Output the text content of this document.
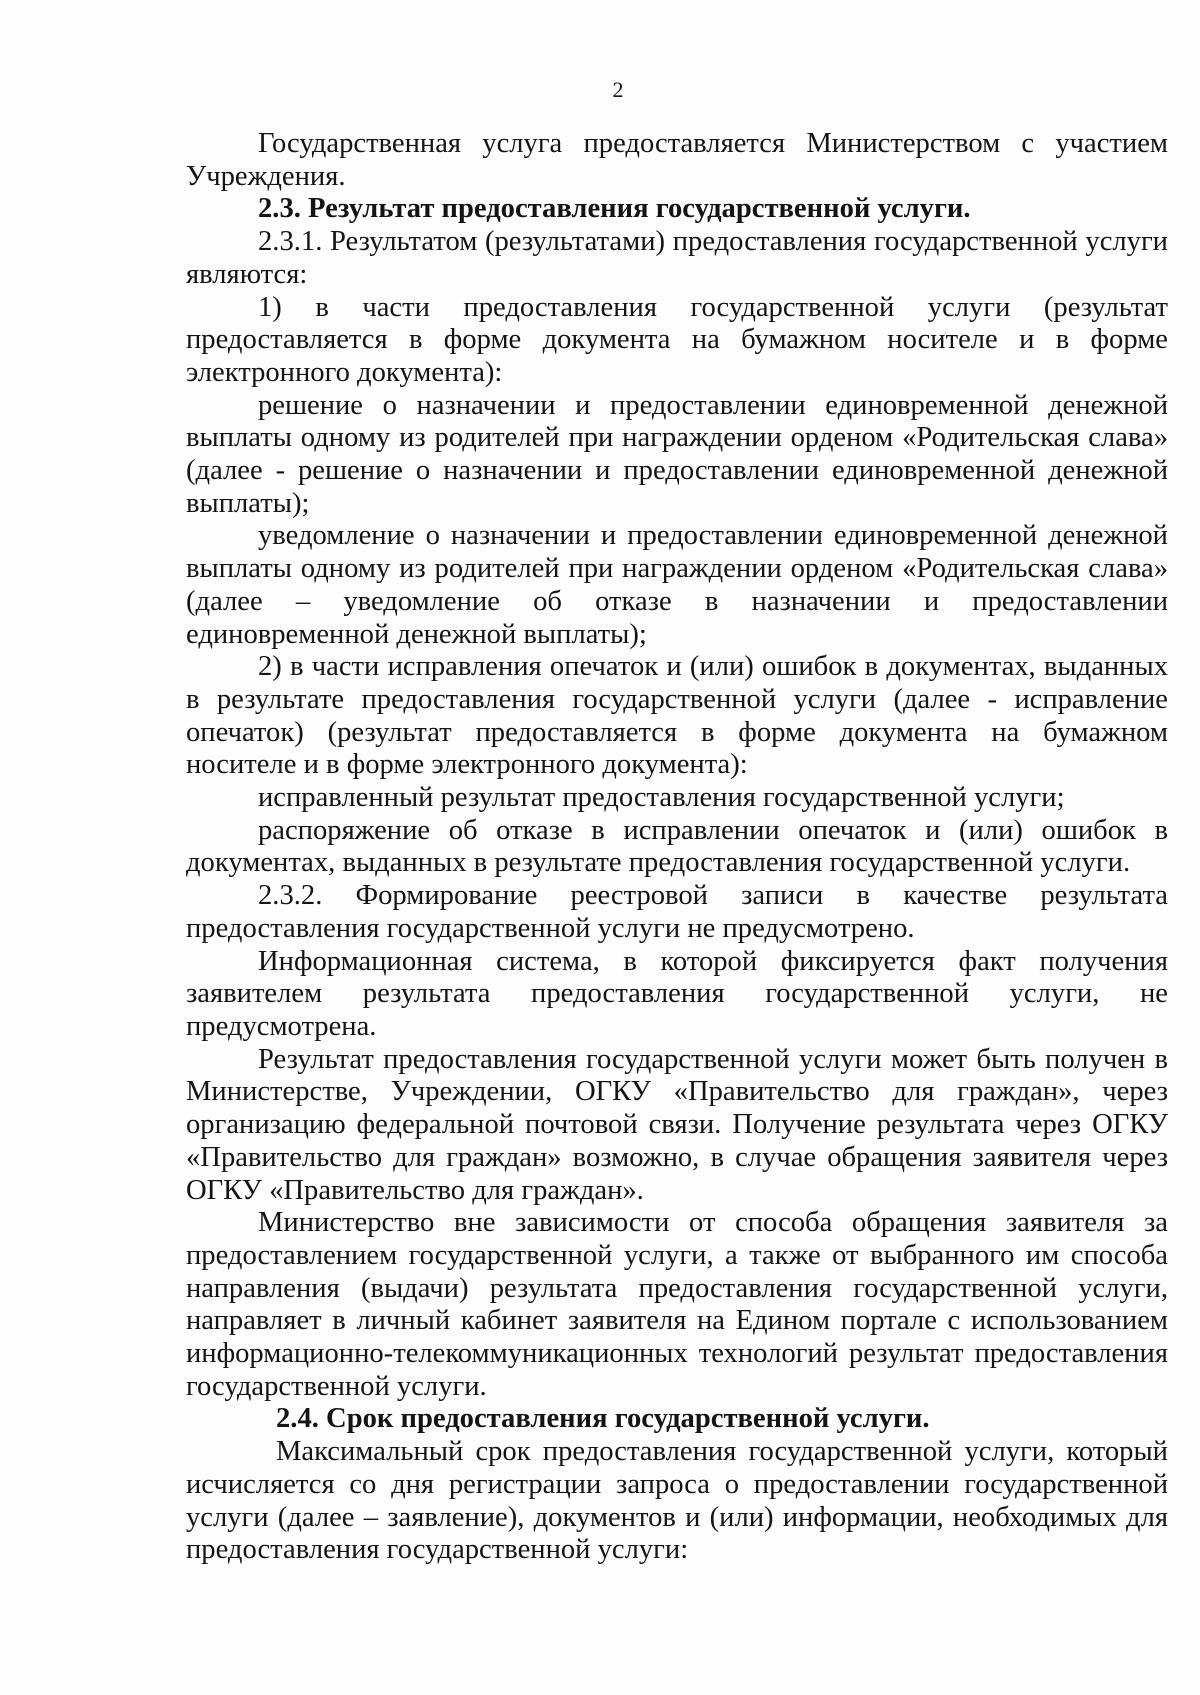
2

Государственная услуга предоставляется Министерством с участием Учреждения.

2.3. Результат предоставления государственной услуги.

2.3.1. Результатом (результатами) предоставления государственной услуги являются:

1) в части предоставления государственной услуги (результат предоставляется в форме документа на бумажном носителе и в форме электронного документа):

решение о назначении и предоставлении единовременной денежной выплаты одному из родителей при награждении орденом «Родительская слава» (далее - решение о назначении и предоставлении единовременной денежной выплаты);

уведомление о назначении и предоставлении единовременной денежной выплаты одному из родителей при награждении орденом «Родительская слава» (далее – уведомление об отказе в назначении и предоставлении единовременной денежной выплаты);

2) в части исправления опечаток и (или) ошибок в документах, выданных в результате предоставления государственной услуги (далее - исправление опечаток) (результат предоставляется в форме документа на бумажном носителе и в форме электронного документа):

исправленный результат предоставления государственной услуги;

распоряжение об отказе в исправлении опечаток и (или) ошибок в документах, выданных в результате предоставления государственной услуги.

2.3.2. Формирование реестровой записи в качестве результата предоставления государственной услуги не предусмотрено.

Информационная система, в которой фиксируется факт получения заявителем результата предоставления государственной услуги, не предусмотрена.

Результат предоставления государственной услуги может быть получен в Министерстве, Учреждении, ОГКУ «Правительство для граждан», через организацию федеральной почтовой связи. Получение результата через ОГКУ «Правительство для граждан» возможно, в случае обращения заявителя через ОГКУ «Правительство для граждан».

Министерство вне зависимости от способа обращения заявителя за предоставлением государственной услуги, а также от выбранного им способа направления (выдачи) результата предоставления государственной услуги, направляет в личный кабинет заявителя на Едином портале с использованием информационно-телекоммуникационных технологий результат предоставления государственной услуги.

2.4. Срок предоставления государственной услуги.

Максимальный срок предоставления государственной услуги, который исчисляется со дня регистрации запроса о предоставлении государственной услуги (далее – заявление), документов и (или) информации, необходимых для предоставления государственной услуги:
